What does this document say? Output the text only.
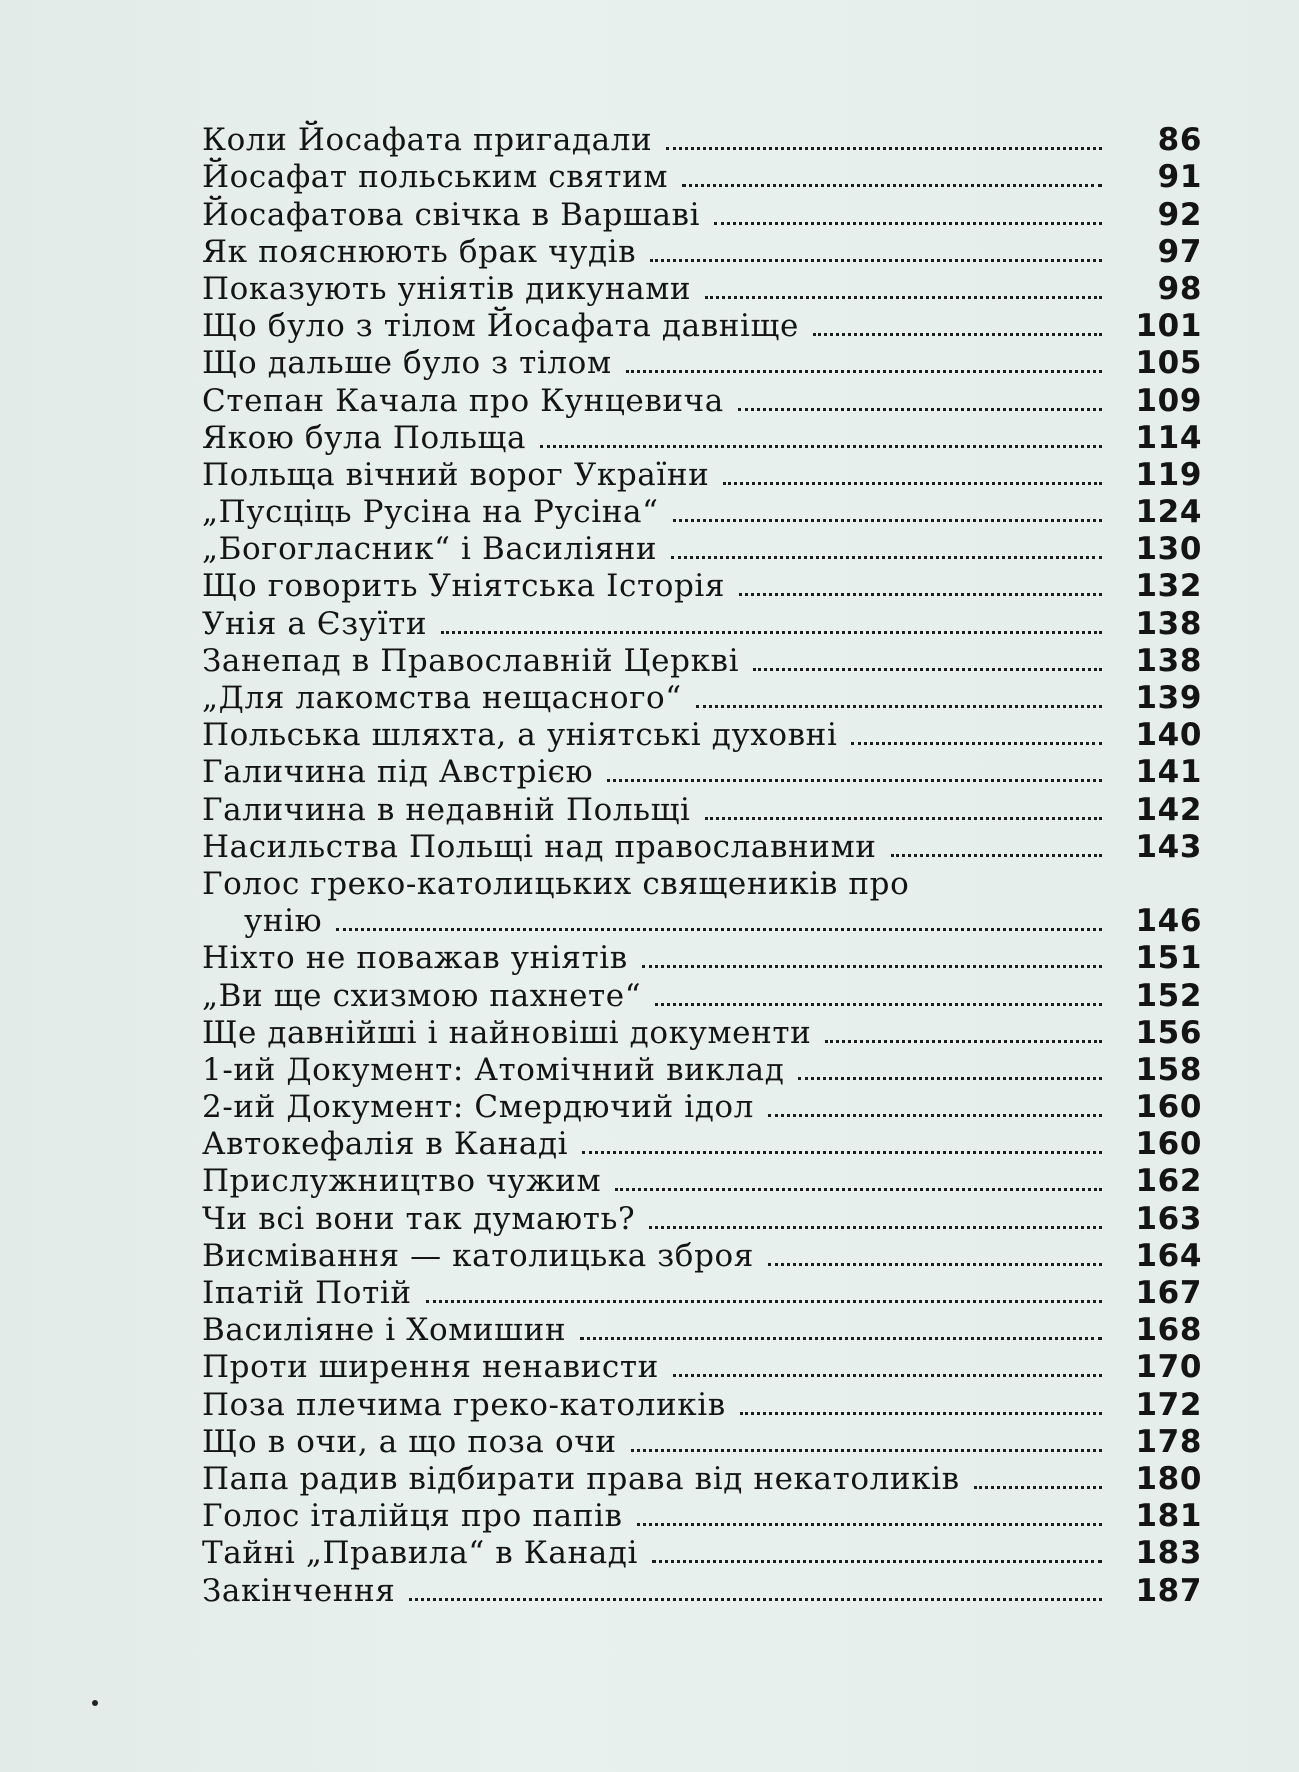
Коли Йосафата пригадали	86
Йосафат польським святим	91
Йосафатова свічка в Варшаві	92
Як пояснюють брак чудів	97
Показують уніятів дикунами	98
Що було з тілом Йосафата давніще	101
Що дальше було з тілом	105
Степан Качала про Кунцевича	109
Якою була Польща	114
Польща вічний ворог України	119
„Пусціць Русіна на Русіна“	124
„Богогласник“ і Василіяни	130
Що говорить Уніятська Історія	132
Унія а Єзуїти	138
Занепад в Православній Церкві	138
„Для лакомства нещасного“	139
Польська шляхта, а уніятські духовні	140
Галичина під Австрією	141
Галичина в недавній Польщі	142
Насильства Польщі над православними	143
Голос греко-католицьких священиків про
унію	146
Ніхто не поважав уніятів	151
„Ви ще схизмою пахнете“	152
Ще давнійші і найновіші документи	156
1-ий Документ: Атомічний виклад	158
2-ий Документ: Смердючий ідол	160
Автокефалія в Канаді	160
Прислужництво чужим	162
Чи всі вони так думають?	163
Висмівання — католицька зброя	164
Іпатій Потій	167
Василіяне і Хомишин	168
Проти ширення ненависти	170
Поза плечима греко-католиків	172
Що в очи, а що поза очи	178
Папа радив відбирати права від некатоликів	180
Голос італійця про папів	181
Тайні „Правила“ в Канаді	183
Закінчення	187
